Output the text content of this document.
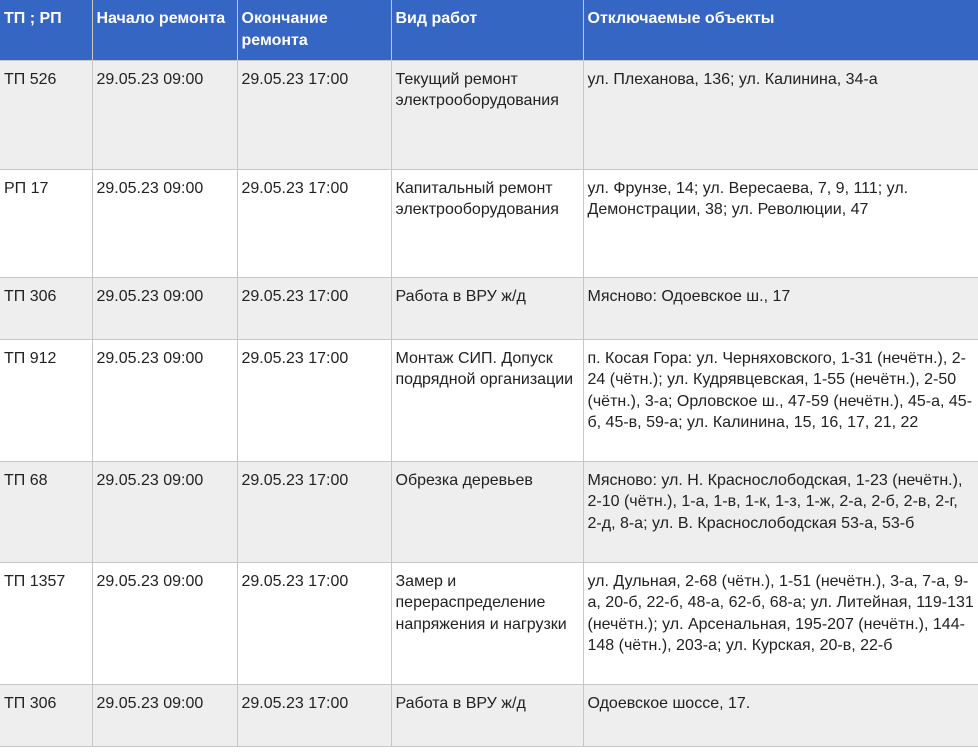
ТП ; РП	Начало ремонта	Окончание ремонта	Вид работ	Отключаемые объекты
ТП 526	29.05.23 09:00	29.05.23 17:00	Текущий ремонт электрооборудования	ул. Плеханова, 136; ул. Калинина, 34-а
РП 17	29.05.23 09:00	29.05.23 17:00	Капитальный ремонт электрооборудования	ул. Фрунзе, 14; ул. Вересаева, 7, 9, 111; ул. Демонстрации, 38; ул. Революции, 47
ТП 306	29.05.23 09:00	29.05.23 17:00	Работа в ВРУ ж/д	Мясново: Одоевское ш., 17
ТП 912	29.05.23 09:00	29.05.23 17:00	Монтаж СИП. Допуск подрядной организации	п. Косая Гора: ул. Черняховского, 1-31 (нечётн.), 2-24 (чётн.); ул. Кудрявцевская, 1-55 (нечётн.), 2-50 (чётн.), 3-а; Орловское ш., 47-59 (нечётн.), 45-а, 45-б, 45-в, 59-а; ул. Калинина, 15, 16, 17, 21, 22
ТП 68	29.05.23 09:00	29.05.23 17:00	Обрезка деревьев	Мясново: ул. Н. Краснослободская, 1-23 (нечётн.), 2-10 (чётн.), 1-а, 1-в, 1-к, 1-з, 1-ж, 2-а, 2-б, 2-в, 2-г, 2-д, 8-а; ул. В. Краснослободская 53-а, 53-б
ТП 1357	29.05.23 09:00	29.05.23 17:00	Замер и перераспределение напряжения и нагрузки	ул. Дульная, 2-68 (чётн.), 1-51 (нечётн.), 3-а, 7-а, 9-а, 20-б, 22-б, 48-а, 62-б, 68-а; ул. Литейная, 119-131 (нечётн.); ул. Арсенальная, 195-207 (нечётн.), 144-148 (чётн.), 203-а; ул. Курская, 20-в, 22-б
ТП 306	29.05.23 09:00	29.05.23 17:00	Работа в ВРУ ж/д	Одоевское шоссе, 17.
